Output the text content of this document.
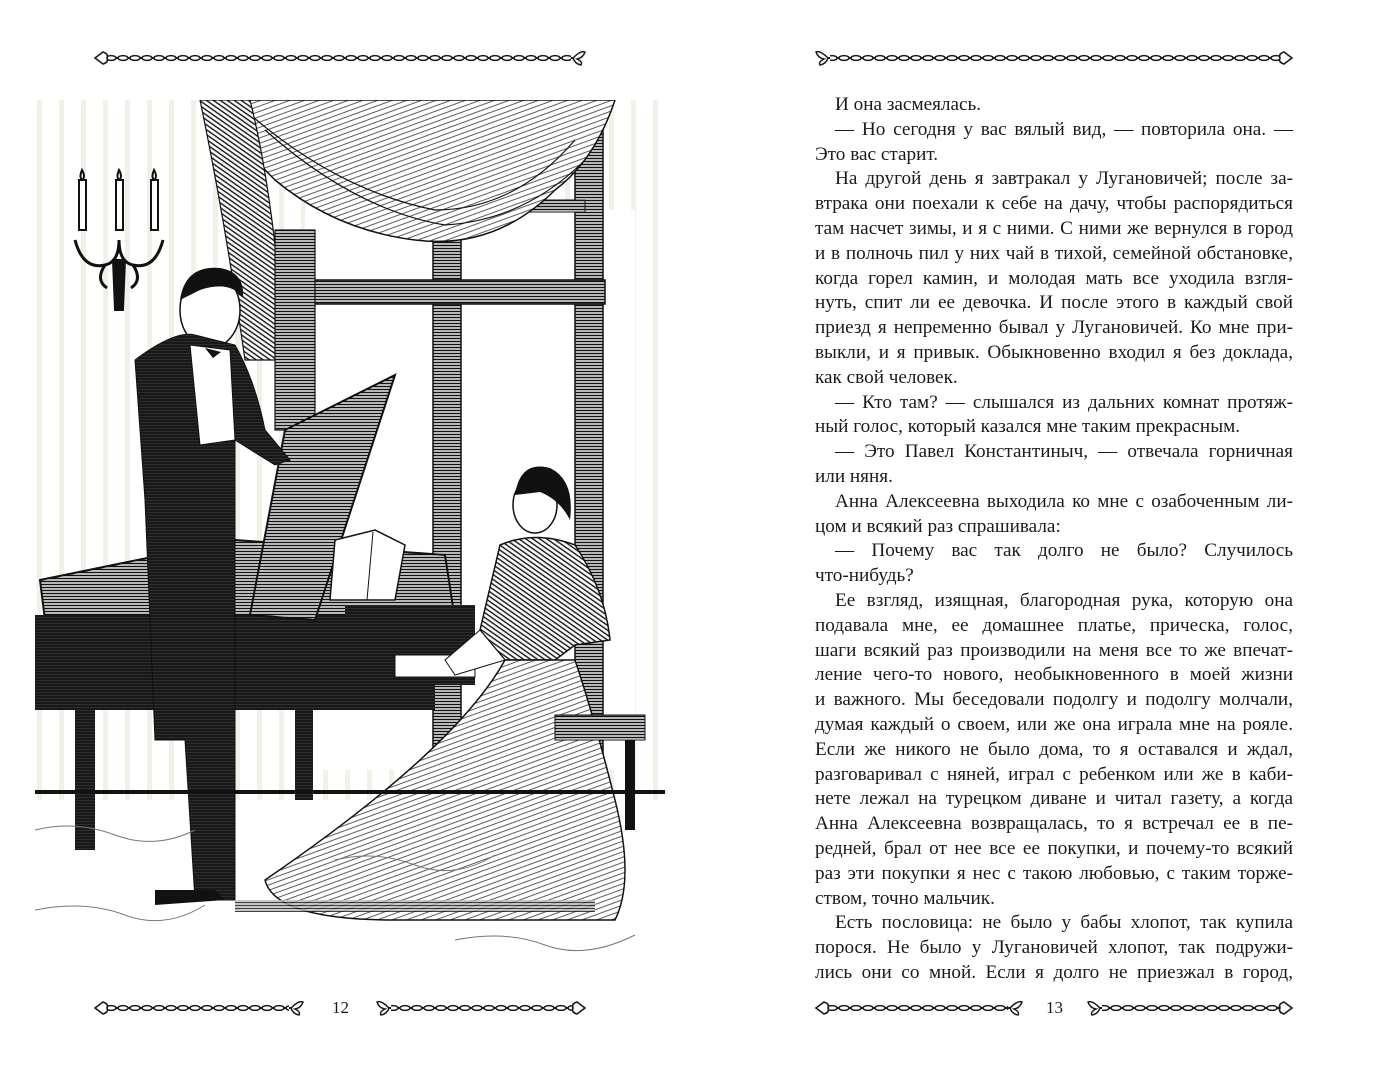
12
И она засмеялась.
— Но сегодня у вас вялый вид, — повторила она. —
Это вас старит.
На другой день я завтракал у Лугановичей; после за-
втрака они поехали к себе на дачу, чтобы распорядиться
там насчет зимы, и я с ними. С ними же вернулся в город
и в полночь пил у них чай в тихой, семейной обстановке,
когда горел камин, и молодая мать все уходила взгля-
нуть, спит ли ее девочка. И после этого в каждый свой
приезд я непременно бывал у Лугановичей. Ко мне при-
выкли, и я привык. Обыкновенно входил я без доклада,
как свой человек.
— Кто там? — слышался из дальних комнат протяж-
ный голос, который казался мне таким прекрасным.
— Это Павел Константиныч, — отвечала горничная
или няня.
Анна Алексеевна выходила ко мне с озабоченным ли-
цом и всякий раз спрашивала:
— Почему вас так долго не было? Случилось
что-нибудь?
Ее взгляд, изящная, благородная рука, которую она
подавала мне, ее домашнее платье, прическа, голос,
шаги всякий раз производили на меня все то же впечат-
ление чего-то нового, необыкновенного в моей жизни
и важного. Мы беседовали подолгу и подолгу молчали,
думая каждый о своем, или же она играла мне на рояле.
Если же никого не было дома, то я оставался и ждал,
разговаривал с няней, играл с ребенком или же в каби-
нете лежал на турецком диване и читал газету, а когда
Анна Алексеевна возвращалась, то я встречал ее в пе-
редней, брал от нее все ее покупки, и почему-то всякий
раз эти покупки я нес с такою любовью, с таким торже-
ством, точно мальчик.
Есть пословица: не было у бабы хлопот, так купила
порося. Не было у Лугановичей хлопот, так подружи-
лись они со мной. Если я долго не приезжал в город,
13
